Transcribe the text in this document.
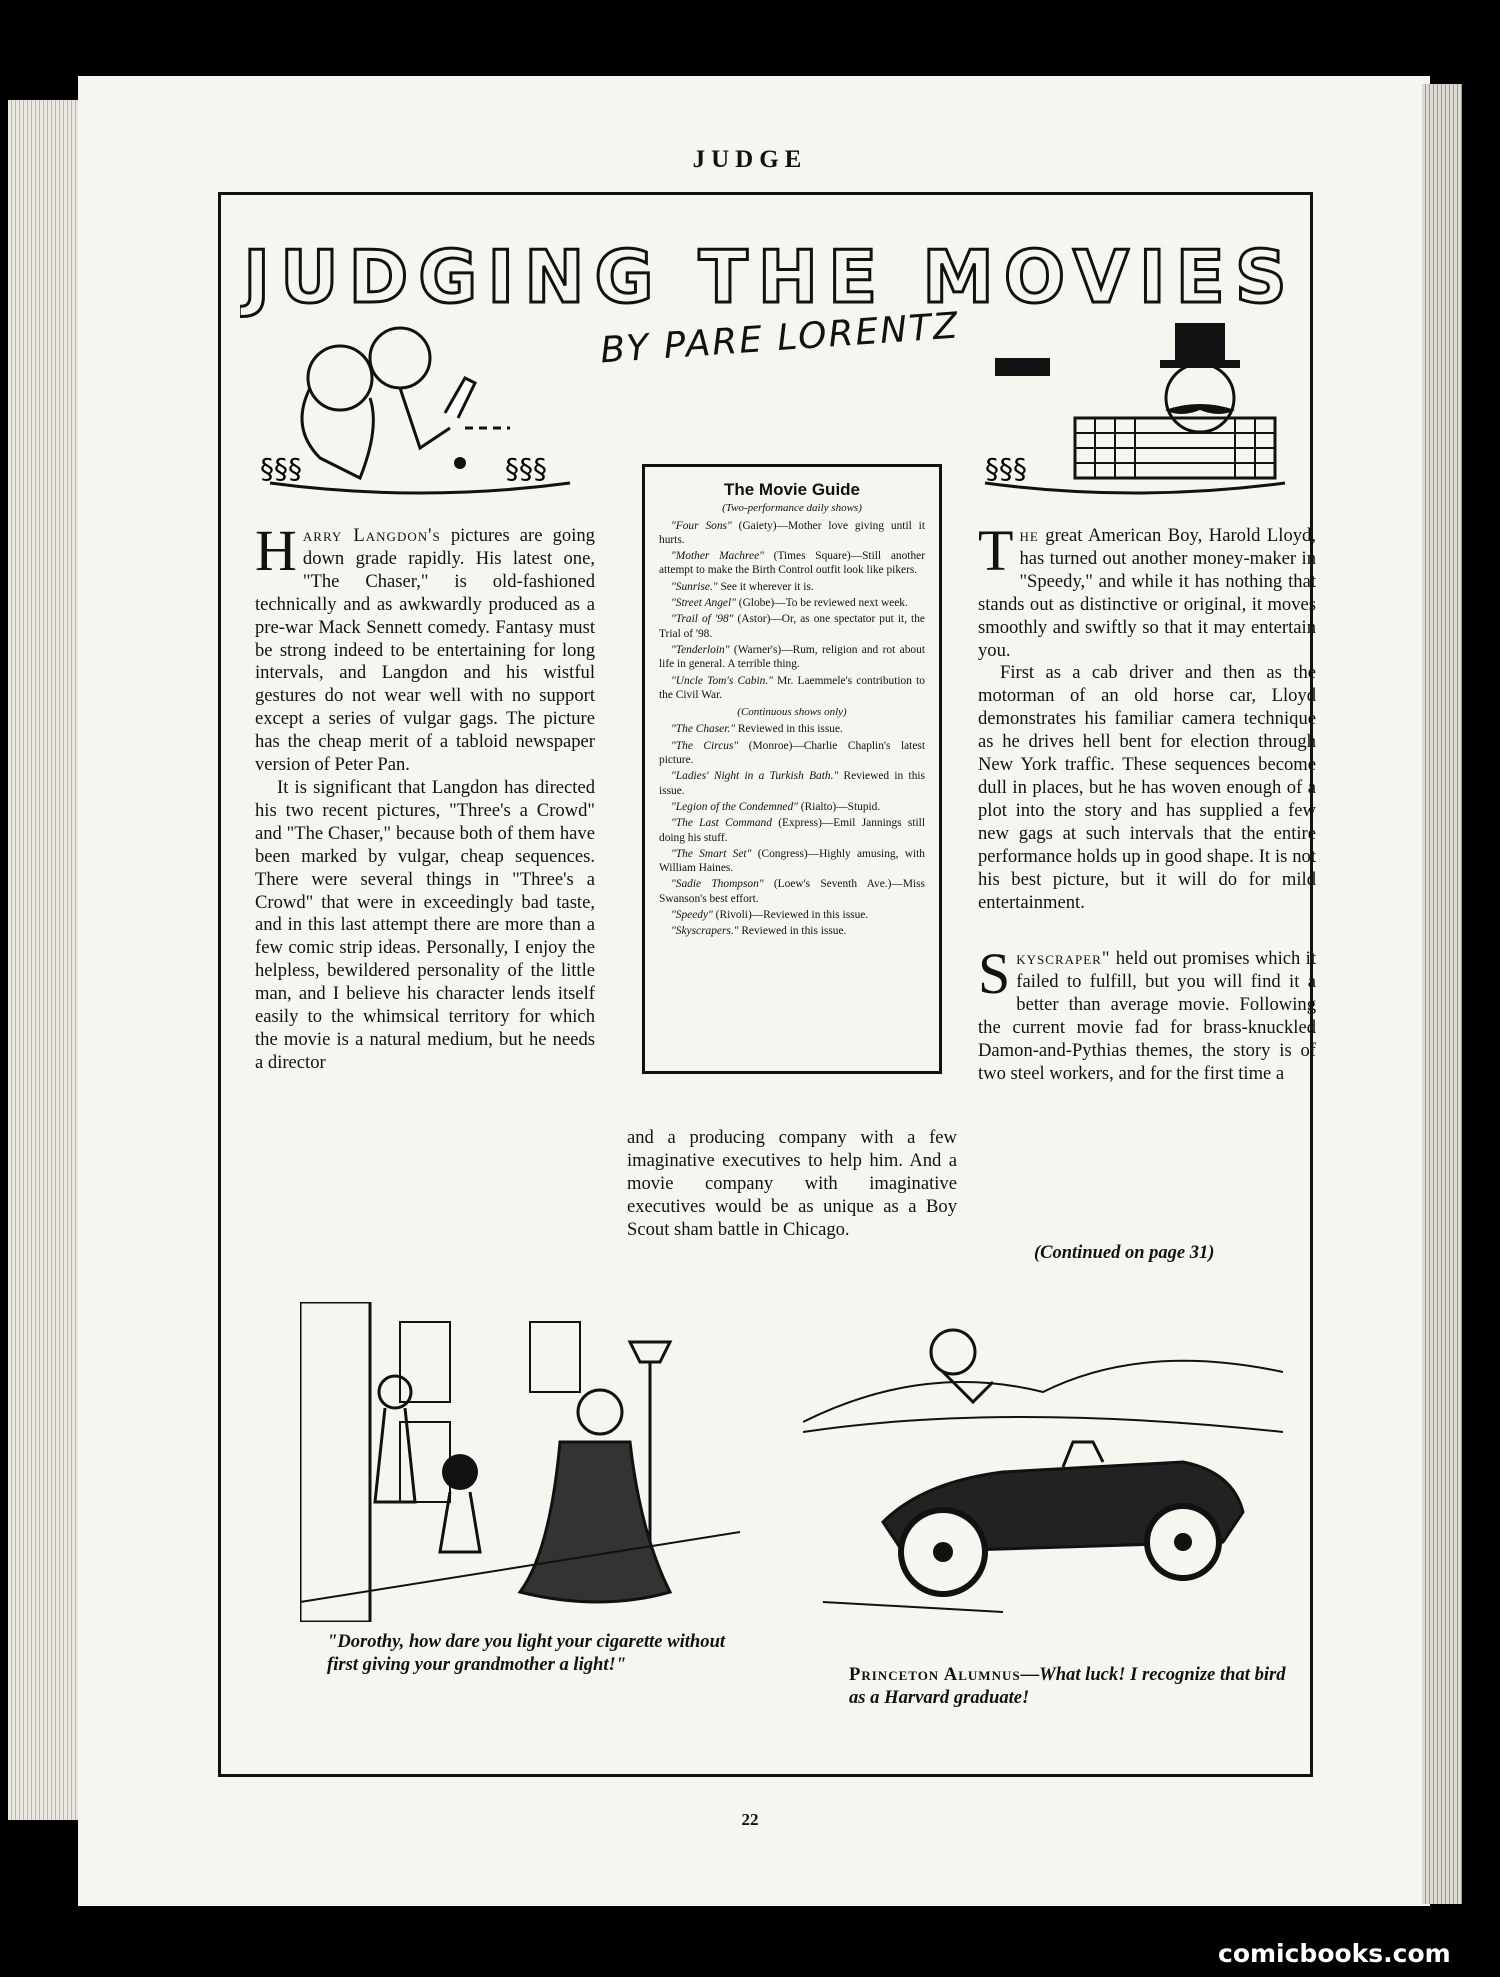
JUDGE
JUDGING THE MOVIES
BY PARE LORENTZ
§§§	§§§	§§§

Harry Langdon's pictures are going down grade rapidly. His latest one, "The Chaser," is old-fashioned technically and as awkwardly produced as a pre-war Mack Sennett comedy. Fantasy must be strong indeed to be entertaining for long intervals, and Langdon and his wistful gestures do not wear well with no support except a series of vulgar gags. The picture has the cheap merit of a tabloid newspaper version of Peter Pan.

It is significant that Langdon has directed his two recent pictures, "Three's a Crowd" and "The Chaser," because both of them have been marked by vulgar, cheap sequences. There were several things in "Three's a Crowd" that were in exceedingly bad taste, and in this last attempt there are more than a few comic strip ideas. Personally, I enjoy the helpless, bewildered personality of the little man, and I believe his character lends itself easily to the whimsical territory for which the movie is a natural medium, but he needs a director

The Movie Guide
(Two-performance daily shows)
"Four Sons" (Gaiety)—Mother love giving until it hurts.
"Mother Machree" (Times Square)—Still another attempt to make the Birth Control outfit look like pikers.
"Sunrise." See it wherever it is.
"Street Angel" (Globe)—To be reviewed next week.
"Trail of '98" (Astor)—Or, as one spectator put it, the Trial of '98.
"Tenderloin" (Warner's)—Rum, religion and rot about life in general. A terrible thing.
"Uncle Tom's Cabin." Mr. Laemmele's contribution to the Civil War.
(Continuous shows only)
"The Chaser." Reviewed in this issue.
"The Circus" (Monroe)—Charlie Chaplin's latest picture.
"Ladies' Night in a Turkish Bath." Reviewed in this issue.
"Legion of the Condemned" (Rialto)—Stupid.
"The Last Command (Express)—Emil Jannings still doing his stuff.
"The Smart Set" (Congress)—Highly amusing, with William Haines.
"Sadie Thompson" (Loew's Seventh Ave.)—Miss Swanson's best effort.
"Speedy" (Rivoli)—Reviewed in this issue.
"Skyscrapers." Reviewed in this issue.

and a producing company with a few imaginative executives to help him. And a movie company with imaginative executives would be as unique as a Boy Scout sham battle in Chicago.

The great American Boy, Harold Lloyd, has turned out another money-maker in "Speedy," and while it has nothing that stands out as distinctive or original, it moves smoothly and swiftly so that it may entertain you.

First as a cab driver and then as the motorman of an old horse car, Lloyd demonstrates his familiar camera technique as he drives hell bent for election through New York traffic. These sequences become dull in places, but he has woven enough of a plot into the story and has supplied a few new gags at such intervals that the entire performance holds up in good shape. It is not his best picture, but it will do for mild entertainment.

Skyscraper" held out promises which it failed to fulfill, but you will find it a better than average movie. Following the current movie fad for brass-knuckled Damon-and-Pythias themes, the story is of two steel workers, and for the first time a

(Continued on page 31)
"Dorothy, how dare you light your cigarette without first giving your grandmother a light!"	Princeton Alumnus—What luck! I recognize that bird as a Harvard graduate!
22
comicbooks.com
